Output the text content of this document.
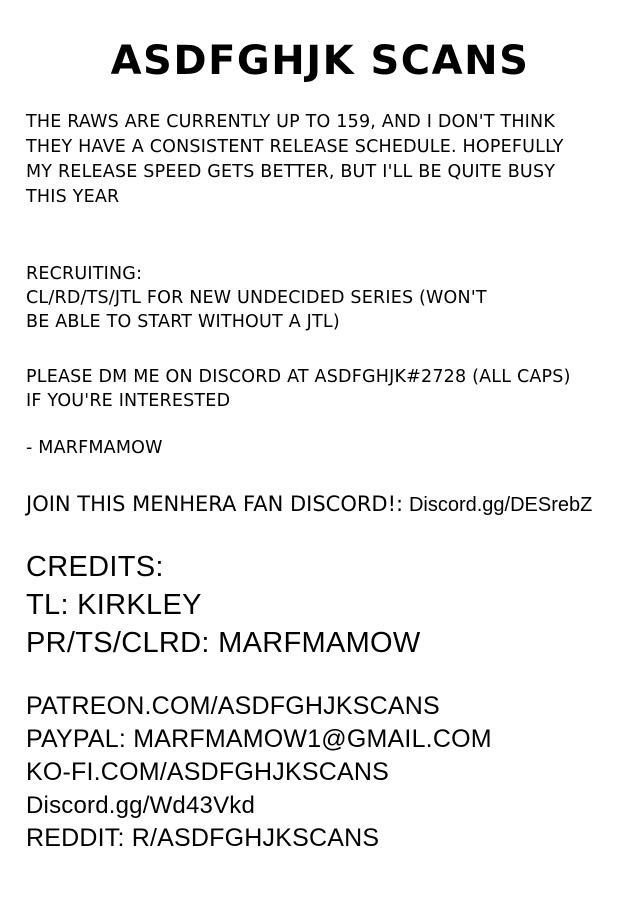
ASDFGHJK SCANS
THE RAWS ARE CURRENTLY UP TO 159, AND I DON'T THINK
THEY HAVE A CONSISTENT RELEASE SCHEDULE. HOPEFULLY
MY RELEASE SPEED GETS BETTER, BUT I'LL BE QUITE BUSY
THIS YEAR
RECRUITING:
CL/RD/TS/JTL FOR NEW UNDECIDED SERIES (WON'T
BE ABLE TO START WITHOUT A JTL)
PLEASE DM ME ON DISCORD AT ASDFGHJK#2728 (ALL CAPS)
IF YOU'RE INTERESTED
- MARFMAMOW
JOIN THIS MENHERA FAN DISCORD!: Discord.gg/DESrebZ
CREDITS:
TL: KIRKLEY
PR/TS/CLRD: MARFMAMOW
PATREON.COM/ASDFGHJKSCANS
PAYPAL: MARFMAMOW1@GMAIL.COM
KO-FI.COM/ASDFGHJKSCANS
Discord.gg/Wd43Vkd
REDDIT: R/ASDFGHJKSCANS
